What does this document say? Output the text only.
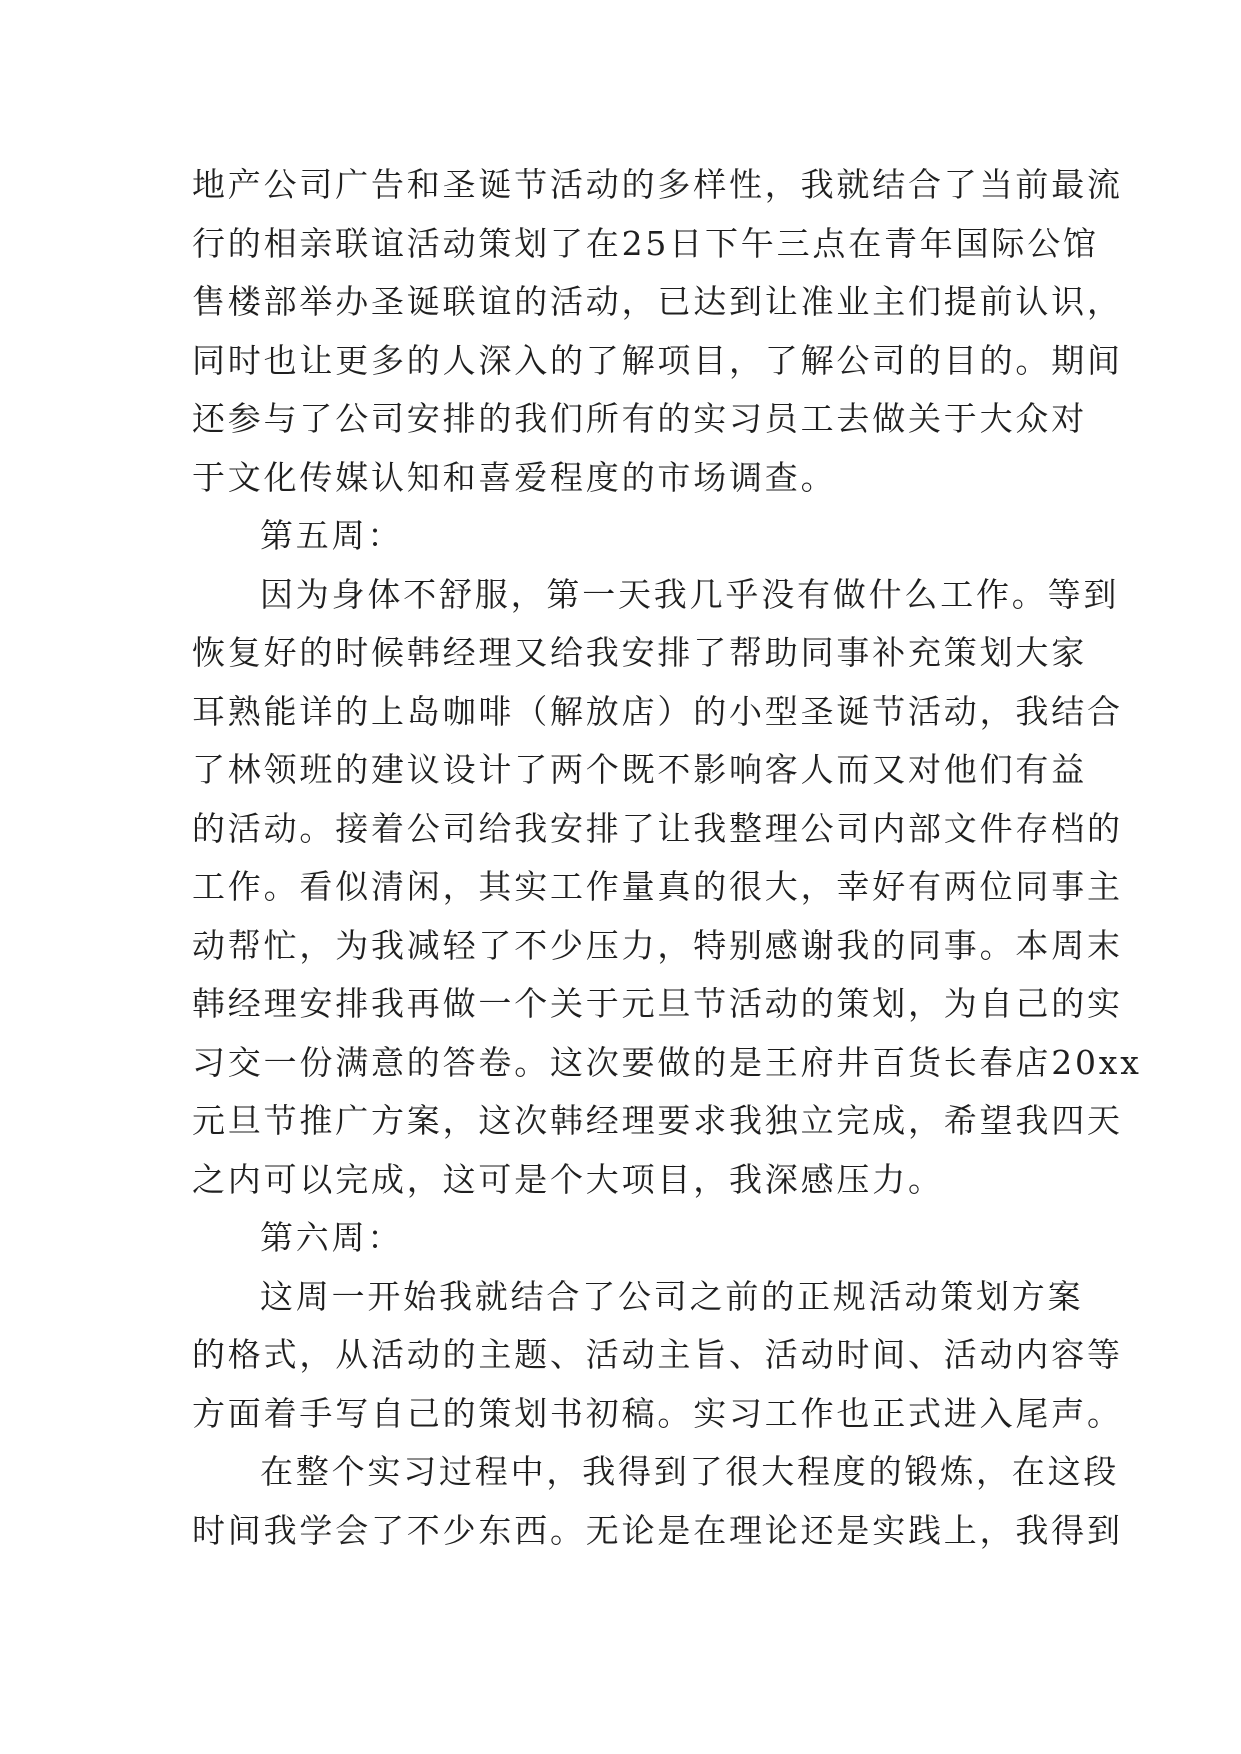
地产公司广告和圣诞节活动的多样性，我就结合了当前最流
行的相亲联谊活动策划了在25日下午三点在青年国际公馆
售楼部举办圣诞联谊的活动，已达到让准业主们提前认识，
同时也让更多的人深入的了解项目，了解公司的目的。期间
还参与了公司安排的我们所有的实习员工去做关于大众对
于文化传媒认知和喜爱程度的市场调查。
第五周：
因为身体不舒服，第一天我几乎没有做什么工作。等到
恢复好的时候韩经理又给我安排了帮助同事补充策划大家
耳熟能详的上岛咖啡（解放店）的小型圣诞节活动，我结合
了林领班的建议设计了两个既不影响客人而又对他们有益
的活动。接着公司给我安排了让我整理公司内部文件存档的
工作。看似清闲，其实工作量真的很大，幸好有两位同事主
动帮忙，为我减轻了不少压力，特别感谢我的同事。本周末
韩经理安排我再做一个关于元旦节活动的策划，为自己的实
习交一份满意的答卷。这次要做的是王府井百货长春店20xx
元旦节推广方案，这次韩经理要求我独立完成，希望我四天
之内可以完成，这可是个大项目，我深感压力。
第六周：
这周一开始我就结合了公司之前的正规活动策划方案
的格式，从活动的主题、活动主旨、活动时间、活动内容等
方面着手写自己的策划书初稿。实习工作也正式进入尾声。
在整个实习过程中，我得到了很大程度的锻炼，在这段
时间我学会了不少东西。无论是在理论还是实践上，我得到
